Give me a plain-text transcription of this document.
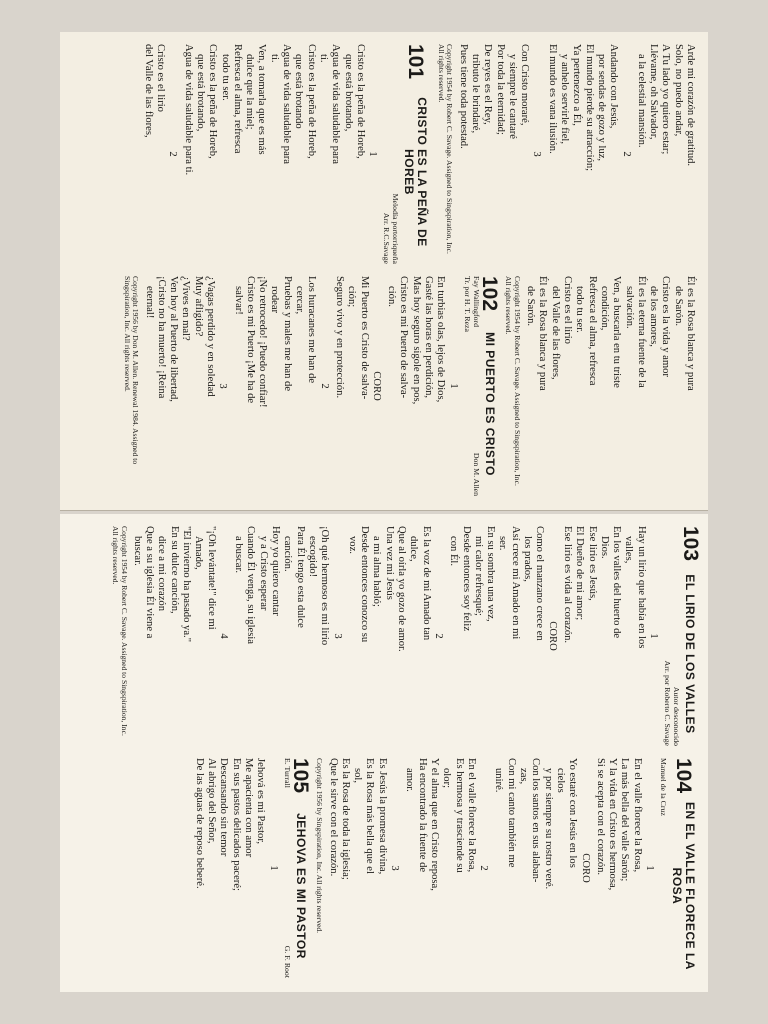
Arde mi corazón de gratitud.
Solo, no puedo andar,
A Tu lado yo quiero estar;
Llévame, oh Salvador,
a la celestial mansión.
2
Andando con Jesús,
por sendas de gozo y luz,
El mundo pierde su atracción;
Ya pertenezco a Él,
y anhelo servirle fiel,
El mundo es vana ilusión.
3
Con Cristo moraré,
y siempre le cantaré
Por toda la eternidad;
De reyes es el Rey,
tributo le brindaré,
Pues tiene toda potestad.
Copyright 1954 by Robert C. Savage. Assigned to Singspiration, Inc. All rights reserved.
101
CRISTO ES LA PEÑA DE HOREB
Melodía portorriqueña
Arr. R.C.Savage
1
Cristo es la peña de Horeb,
que está brotando,
Agua de vida saludable para
ti.
Cristo es la peña de Horeb,
que está brotando
Agua de vida saludable para
ti.
Ven, a tomarla que es más
dulce que la miel;
Refresca el alma, refresca
todo tu ser.
Cristo es la peña de Horeb,
que está brotando,
Agua de vida saludable para ti.
2
Cristo es el lirio
del Valle de las flores,
Él es la Rosa blanca y pura
de Sarón.
Cristo es la vida y amor
de los amores,
Él es la eterna fuente de la
salvación.
Ven, a buscarla en tu triste
condición,
Refresca el alma, refresca
todo tu ser.
Cristo es el lirio
del Valle de las flores,
Él es la Rosa blanca y pura
de Sarón.
Copyright 1954 by Robert C. Savage. Assigned to Singspiration, Inc. All rights reserved.
102
MI PUERTO ES CRISTO
Fay Wallingford
Tr. por H. T. Reza
Don M. Allen
1
En turbias olas, lejos de Dios,
Gasté las horas en perdición,
Mas hoy seguro sigole en pos,
Cristo es mi Puerto de salva-
ción.
CORO
Mi Puerto es Cristo de salva-
ción;
Seguro vivo y en protección.
2
Los huracanes me han de
cercar,
Pruebas y males me han de
rodear
¡No retrocedo! ¡Puedo confiar!
Cristo es mi Puerto ¡Me ha de
salvar!
3
¿Vagas perdido y en soledad
Muy afligido?
¿Vives en mal?
Ven hoy al Puerto de libertad,
¡Cristo no ha muerto! ¡Reina
eternal!
Copyright 1956 by Don M. Allen. Renewal 1984. Assigned to Singspiration, Inc. All rights reserved.
103
EL LIRIO DE LOS VALLES
Autor desconocido
Arr. por Roberto C. Savage
1
Hay un lirio que había en los
valles,
En los valles del huerto de
Dios.
Ese lirio es Jesús,
El Dueño de mi amor;
Ese lirio es vida al corazón.
CORO
Como el manzano crece en
los prados,
Así crece mi Amado en mi
ser.
En su sombra una vez,
mi calor refresqué;
Desde entonces soy feliz
con Él.
2
Es la voz de mi Amado tan
dulce,
Que al oírla yo gozo de amor.
Una vez mi Jesús
a mi alma habló;
Desde entonces conozco su
voz.
3
¡Oh qué hermoso es mi lirio
escogido!
Para Él tengo esta dulce
canción.
Hoy yo quiero cantar
y a Cristo esperar
Cuando Él venga, su iglesia
a buscar.
4
"¡Oh levántate!" dice mi
Amado,
"El invierno ha pasado ya."
En su dulce canción,
dice a mi corazón
Que a su iglesia Él viene a
buscar.
Copyright 1954 by Robert C. Savage. Assigned to Singspiration, Inc. All rights reserved.
104
EN EL VALLE FLORECE LA ROSA
Manuel de la Cruz
1
En el valle florece la Rosa,
La más bella del valle Sarón;
Y la vida en Cristo es hermosa,
Si se acepta con el corazón.
CORO
Yo estaré con Jesús en los
cielos
y por siempre su rostro veré.
Con los santos en sus alaban-
zas,
Con mi canto también me
uniré.
2
En el valle florece la Rosa,
Es hermosa y trasciende su
olor;
Y el alma que en Cristo reposa,
Ha encontrado la fuente de
amor.
3
Es Jesús la promesa divina,
Es la Rosa más bella que el
sol,
Es la Rosa de toda la iglesia;
Que le sirve con el corazón.
Copyright 1956 by Singspiration, Inc. All rights reserved.
105
JEHOVA ES MI PASTOR
E. Turrall
G. F. Root
1
Jehová es mi Pastor,
Me apacienta con amor
En sus pastos delicados paceré;
Descansando sin temor
Al abrigo del Señor,
De las aguas de reposo beberé.
